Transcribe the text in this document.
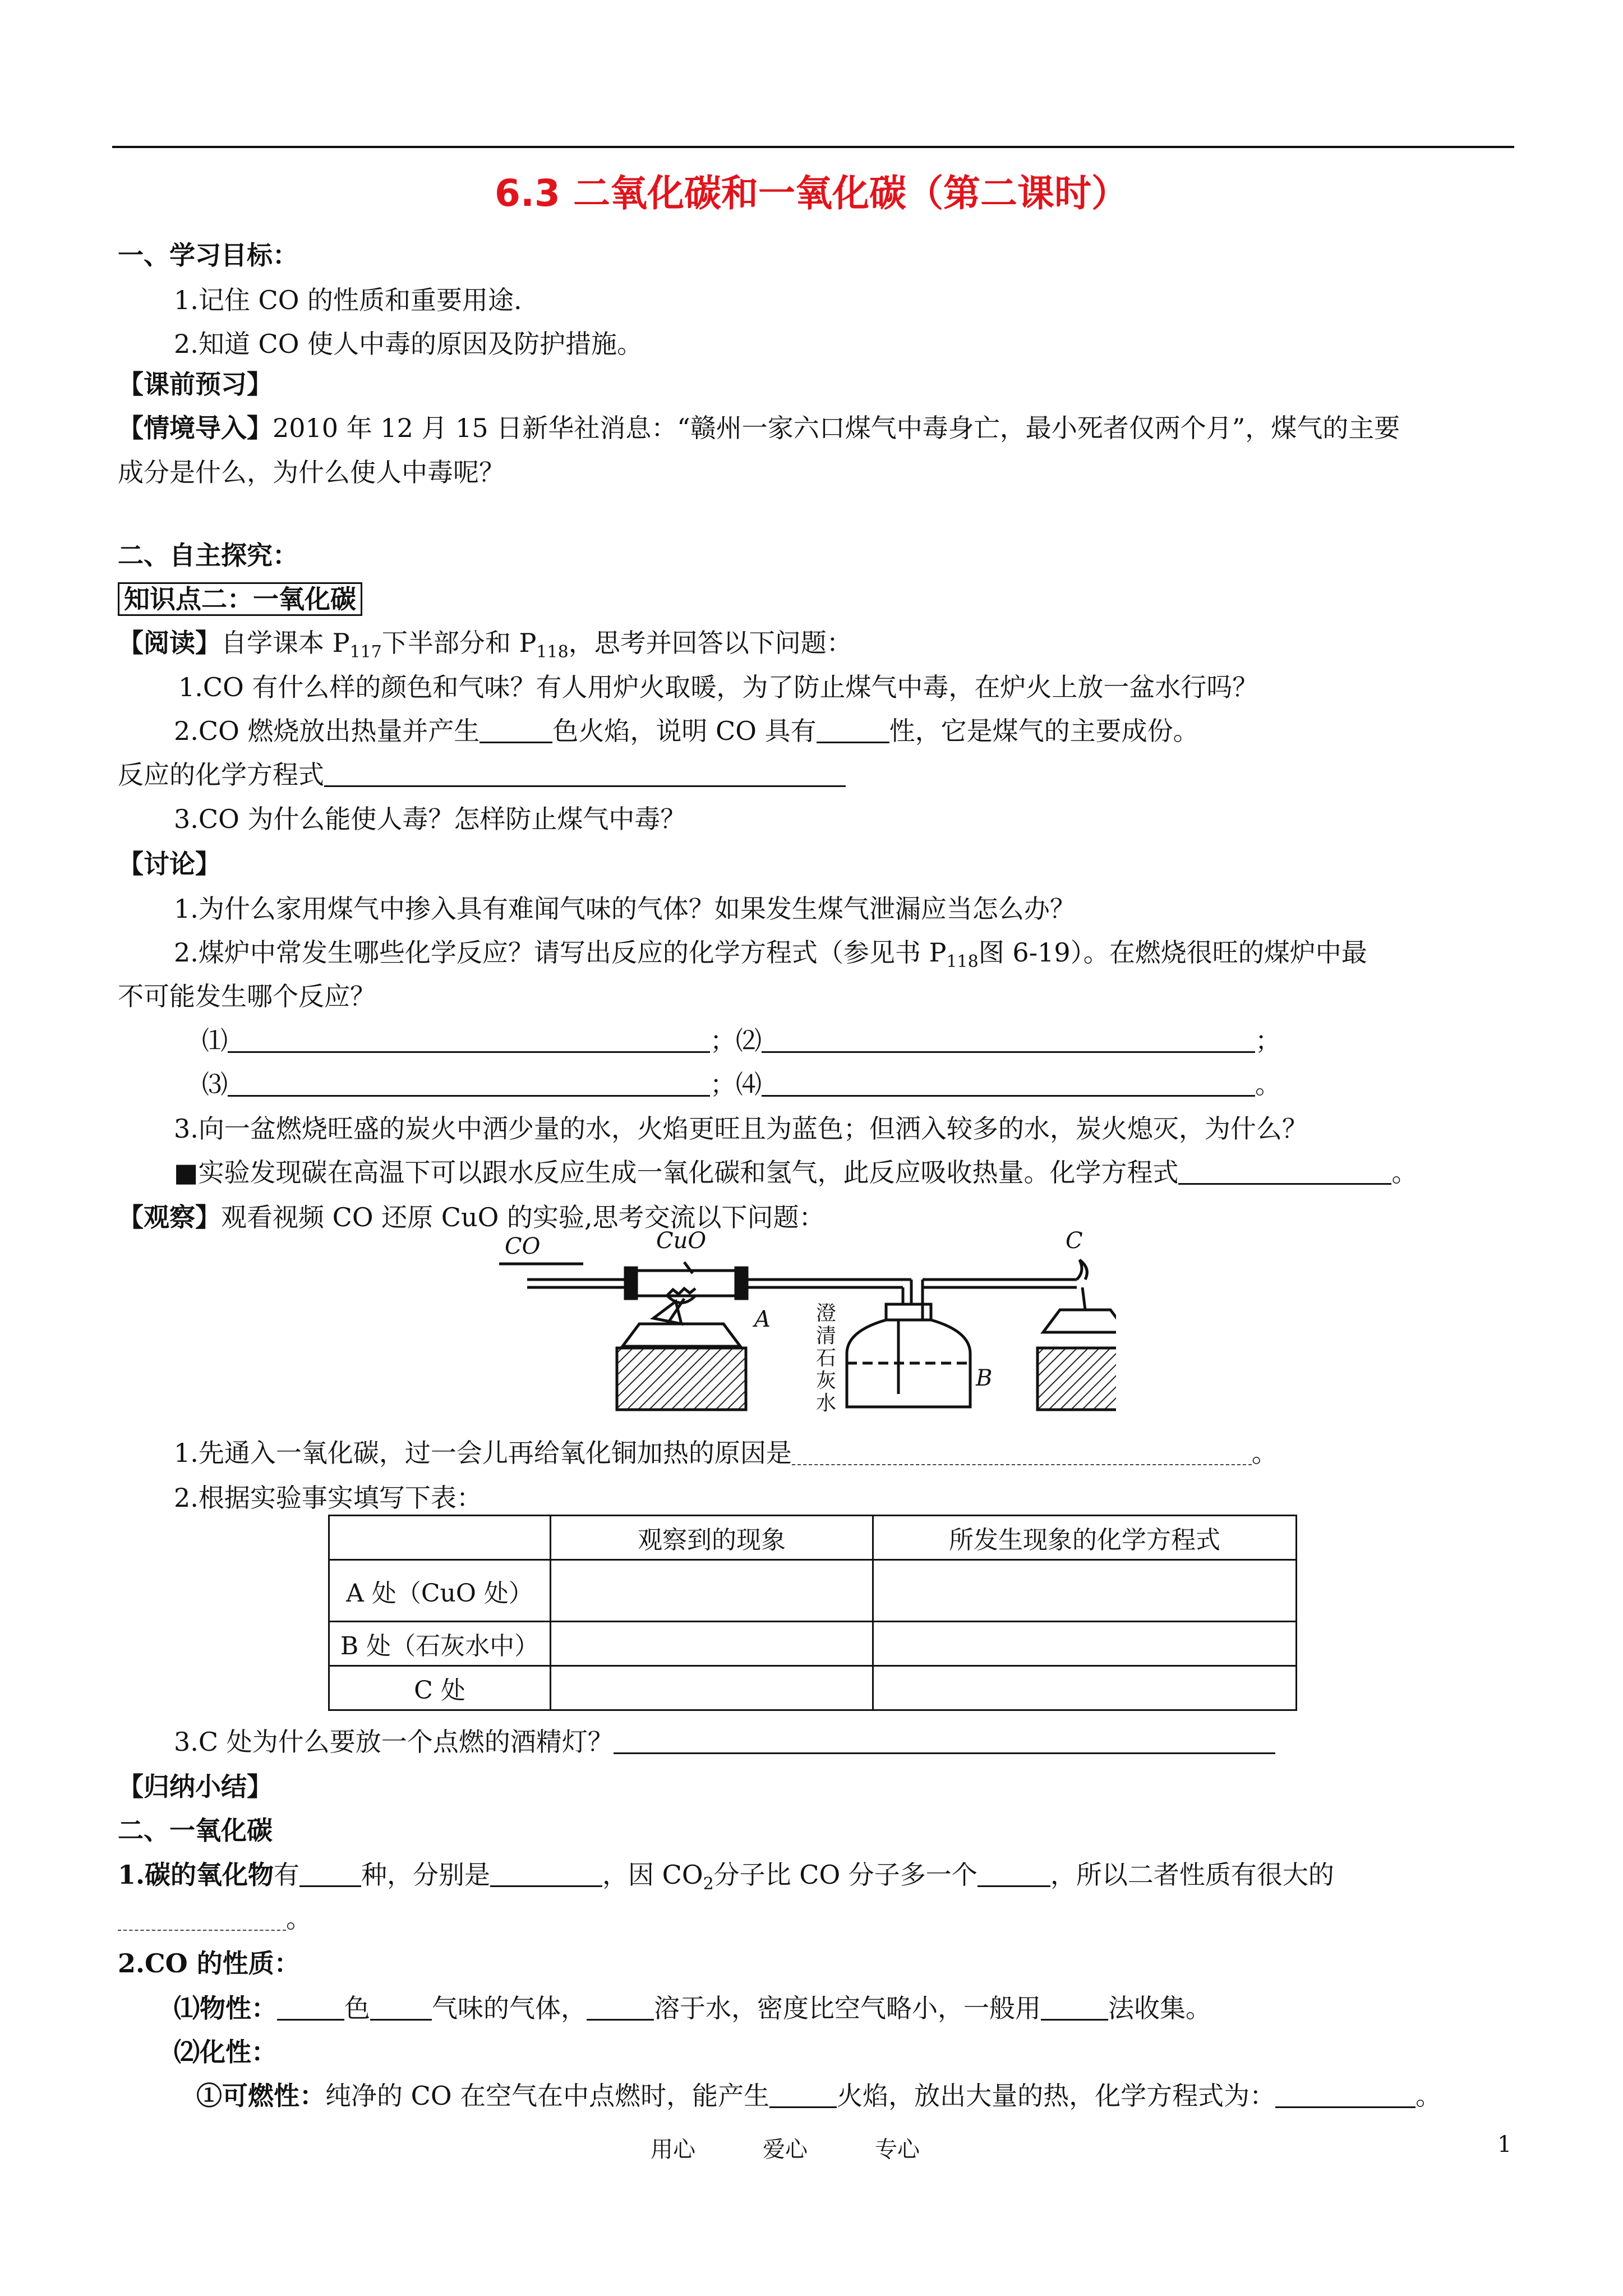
6.3 二氧化碳和一氧化碳（第二课时）
一、学习目标：
1.记住 CO 的性质和重要用途.
2.知道 CO 使人中毒的原因及防护措施。
【课前预习】
【情境导入】2010 年 12 月 15 日新华社消息：“赣州一家六口煤气中毒身亡，最小死者仅两个月”，煤气的主要
成分是什么，为什么使人中毒呢？
二、自主探究：
知识点二：一氧化碳
【阅读】自学课本 $P_{117}$下半部分和 $P_{118}$，思考并回答以下问题：
1.CO 有什么样的颜色和气味？有人用炉火取暖，为了防止煤气中毒，在炉火上放一盆水行吗？
2.CO 燃烧放出热量并产生	色火焰，说明 CO 具有	性，它是煤气的主要成份。
反应的化学方程式
3.CO 为什么能使人毒？怎样防止煤气中毒？
【讨论】
1.为什么家用煤气中掺入具有难闻气味的气体？如果发生煤气泄漏应当怎么办？
2.煤炉中常发生哪些化学反应？请写出反应的化学方程式（参见书 $P_{118}$图 6-19）。在燃烧很旺的煤炉中最
不可能发生哪个反应？
⑴	；⑵	；
⑶	；⑷	。
3.向一盆燃烧旺盛的炭火中洒少量的水，火焰更旺且为蓝色；但洒入较多的水，炭火熄灭，为什么？
■实验发现碳在高温下可以跟水反应生成一氧化碳和氢气，此反应吸收热量。化学方程式	。
【观察】观看视频 CO 还原 CuO 的实验,思考交流以下问题：
CO	CuO
A
B
C
澄
清
石
灰
水
1.先通入一氧化碳，过一会儿再给氧化铜加热的原因是	。
2.根据实验事实填写下表：
	观察到的现象	所发生现象的化学方程式
A 处（CuO 处）		
B 处（石灰水中）		
C 处		
3.C 处为什么要放一个点燃的酒精灯？
【归纳小结】
二、一氧化碳
1.碳的氧化物有 种，分别是	，因 $CO_2$分子比 CO 分子多一个	，所以二者性质有很大的
。
2.CO 的性质：
⑴物性：	色 气味的气体，	溶于水，密度比空气略小，一般用	法收集。
⑵化性：
①可燃性：纯净的 CO 在空气在中点燃时，能产生	火焰，放出大量的热，化学方程式为：	。
用心	爱心	专心	1
